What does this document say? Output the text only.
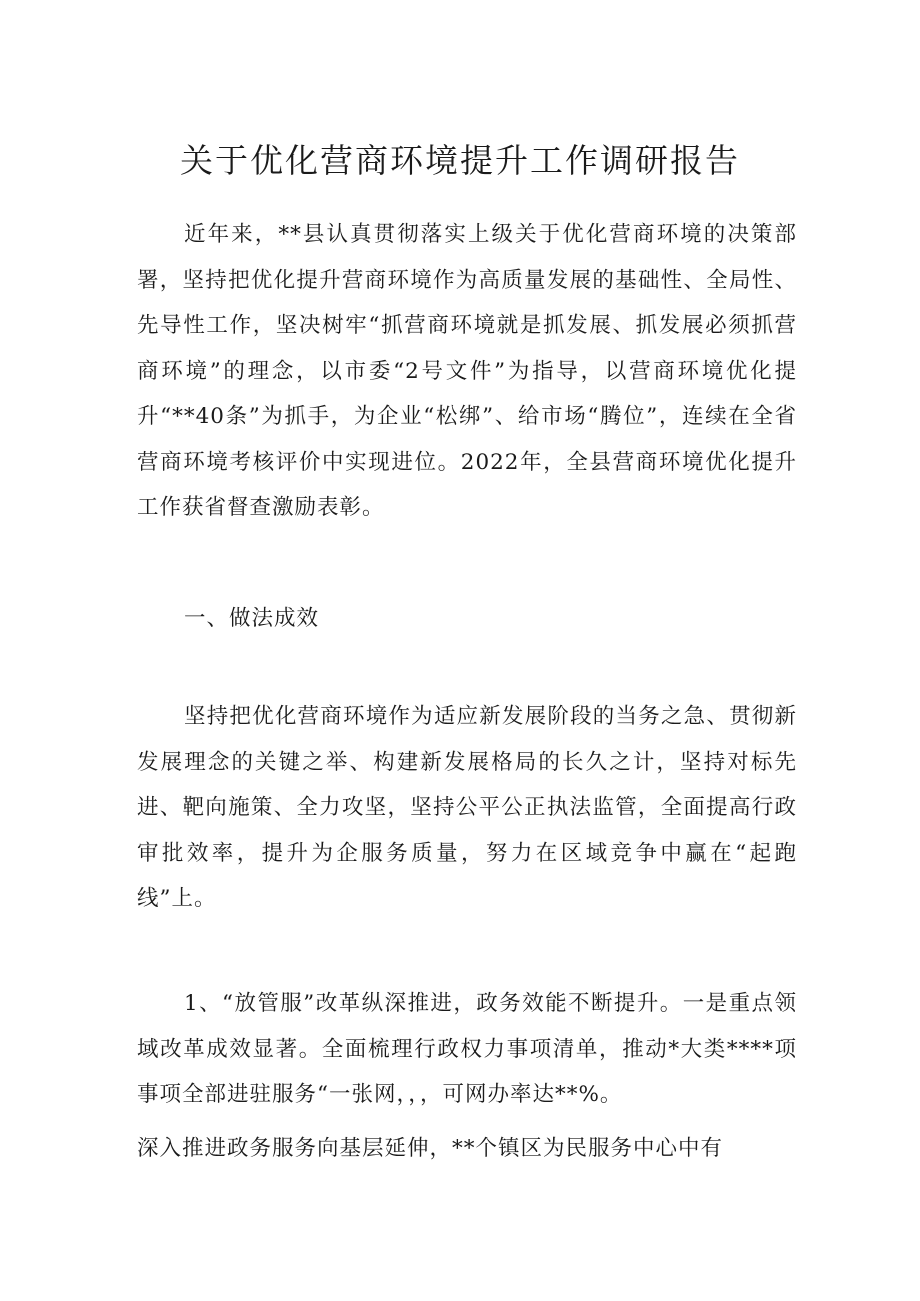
关于优化营商环境提升工作调研报告

近年来，**县认真贯彻落实上级关于优化营商环境的决策部署，坚持把优化提升营商环境作为高质量发展的基础性、全局性、先导性工作，坚决树牢“抓营商环境就是抓发展、抓发展必须抓营商环境”的理念，以市委“2号文件”为指导，以营商环境优化提升“**40条”为抓手，为企业“松绑”、给市场“腾位”，连续在全省营商环境考核评价中实现进位。2022年，全县营商环境优化提升工作获省督查激励表彰。

一、做法成效

坚持把优化营商环境作为适应新发展阶段的当务之急、贯彻新发展理念的关键之举、构建新发展格局的长久之计，坚持对标先进、靶向施策、全力攻坚，坚持公平公正执法监管，全面提高行政审批效率，提升为企服务质量，努力在区域竞争中赢在“起跑线”上。

1、“放管服”改革纵深推进，政务效能不断提升。一是重点领域改革成效显著。全面梳理行政权力事项清单，推动*大类****项事项全部进驻服务“一张网，，，可网办率达**%。

深入推进政务服务向基层延伸，**个镇区为民服务中心中有
